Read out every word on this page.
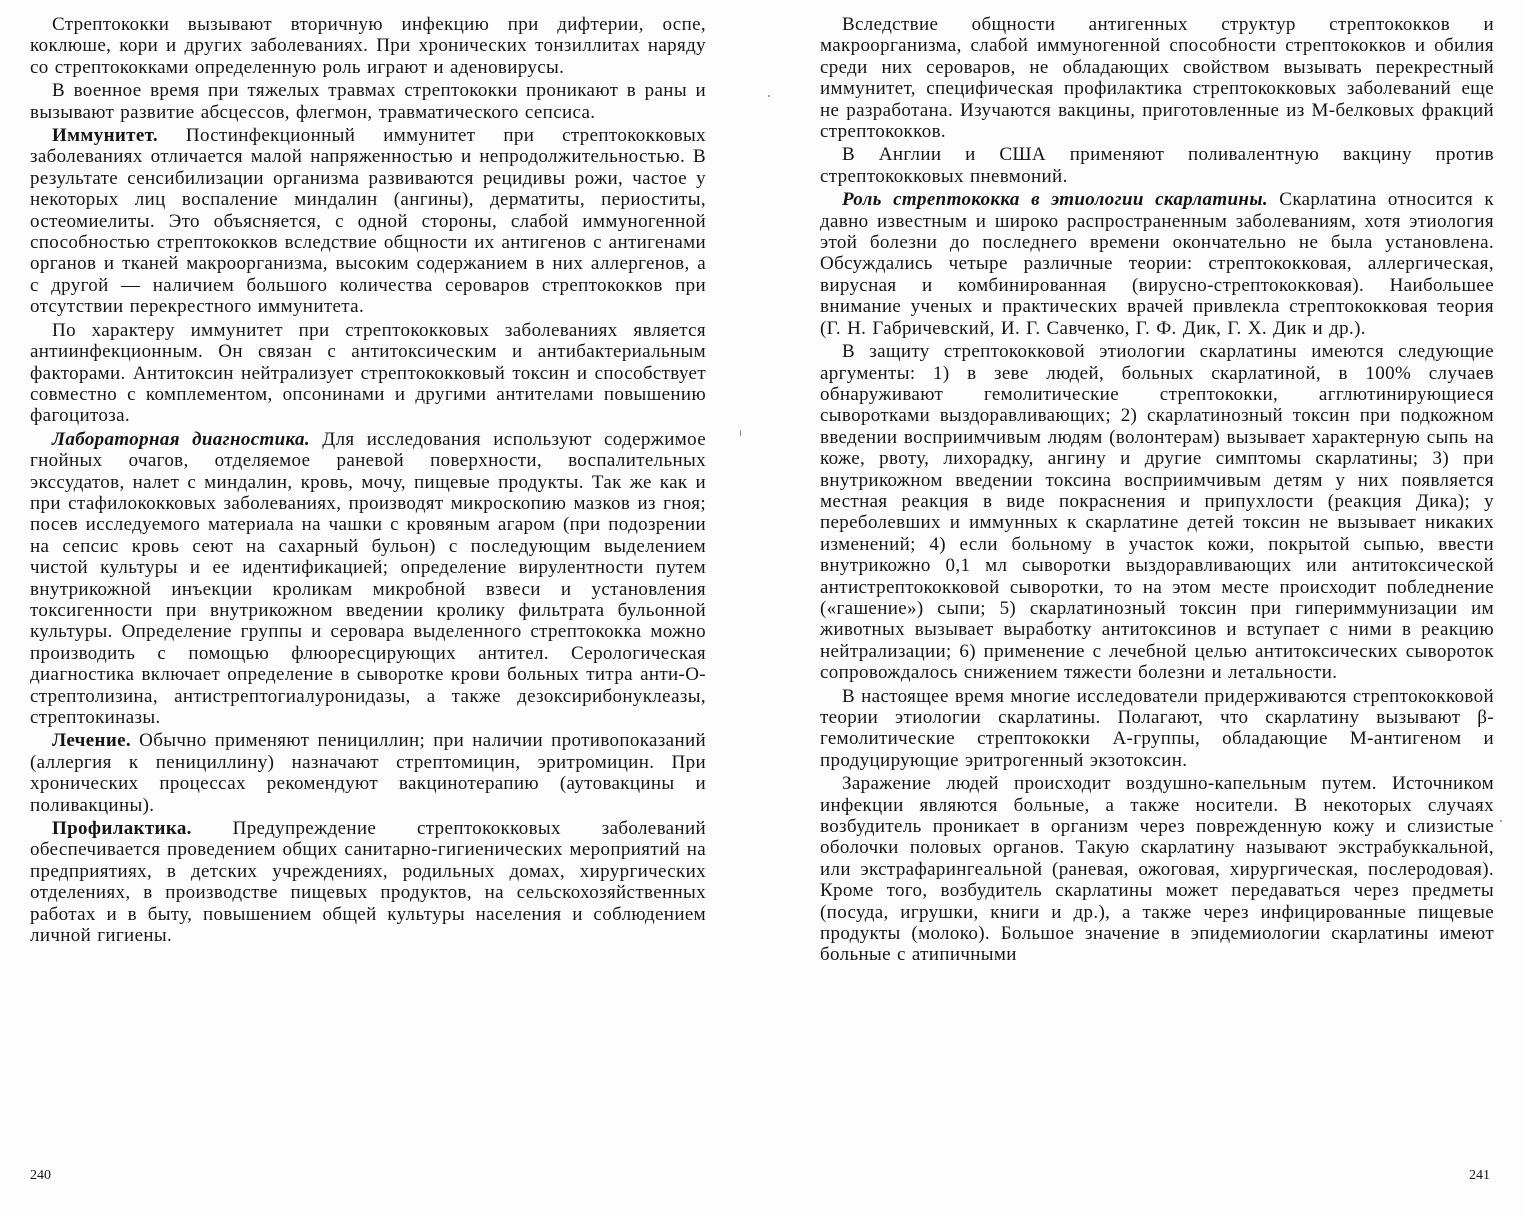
Стрептококки вызывают вторичную инфекцию при дифтерии, оспе, коклюше, кори и других заболеваниях. При хронических тонзиллитах наряду со стрептококками определенную роль играют и аденовирусы.

В военное время при тяжелых травмах стрептококки проникают в раны и вызывают развитие абсцессов, флегмон, травматического сепсиса.

Иммунитет. Постинфекционный иммунитет при стрептококковых заболеваниях отличается малой напряженностью и непродолжительностью. В результате сенсибилизации организма развиваются рецидивы рожи, частое у некоторых лиц воспаление миндалин (ангины), дерматиты, периоститы, остеомиелиты. Это объясняется, с одной стороны, слабой иммуногенной способностью стрептококков вследствие общности их антигенов с антигенами органов и тканей макроорганизма, высоким содержанием в них аллергенов, а с другой — наличием большого количества сероваров стрептококков при отсутствии перекрестного иммунитета.

По характеру иммунитет при стрептококковых заболеваниях является антиинфекционным. Он связан с антитоксическим и антибактериальным факторами. Антитоксин нейтрализует стрептококковый токсин и способствует совместно с комплементом, опсонинами и другими антителами повышению фагоцитоза.

Лабораторная диагностика. Для исследования используют содержимое гнойных очагов, отделяемое раневой поверхности, воспалительных экссудатов, налет с миндалин, кровь, мочу, пищевые продукты. Так же как и при стафилококковых заболеваниях, производят микроскопию мазков из гноя; посев исследуемого материала на чашки с кровяным агаром (при подозрении на сепсис кровь сеют на сахарный бульон) с последующим выделением чистой культуры и ее идентификацией; определение вирулентности путем внутрикожной инъекции кроликам микробной взвеси и установления токсигенности при внутрикожном введении кролику фильтрата бульонной культуры. Определение группы и серовара выделенного стрептококка можно производить с помощью флюоресцирующих антител. Серологическая диагностика включает определение в сыворотке крови больных титра анти-О-стрептолизина, антистрептогиалуронидазы, а также дезоксирибонуклеазы, стрептокиназы.

Лечение. Обычно применяют пенициллин; при наличии противопоказаний (аллергия к пенициллину) назначают стрептомицин, эритромицин. При хронических процессах рекомендуют вакцинотерапию (аутовакцины и поливакцины).

Профилактика. Предупреждение стрептококковых заболеваний обеспечивается проведением общих санитарно-гигиенических мероприятий на предприятиях, в детских учреждениях, родильных домах, хирургических отделениях, в производстве пищевых продуктов, на сельскохозяйственных работах и в быту, повышением общей культуры населения и соблюдением личной гигиены.

Вследствие общности антигенных структур стрептококков и макроорганизма, слабой иммуногенной способности стрептококков и обилия среди них сероваров, не обладающих свойством вызывать перекрестный иммунитет, специфическая профилактика стрептококковых заболеваний еще не разработана. Изучаются вакцины, приготовленные из М-белковых фракций стрептококков.

В Англии и США применяют поливалентную вакцину против стрептококковых пневмоний.

Роль стрептококка в этиологии скарлатины. Скарлатина относится к давно известным и широко распространенным заболеваниям, хотя этиология этой болезни до последнего времени окончательно не была установлена. Обсуждались четыре различные теории: стрептококковая, аллергическая, вирусная и комбинированная (вирусно-стрептококковая). Наибольшее внимание ученых и практических врачей привлекла стрептококковая теория (Г. Н. Габричевский, И. Г. Савченко, Г. Ф. Дик, Г. Х. Дик и др.).

В защиту стрептококковой этиологии скарлатины имеются следующие аргументы: 1) в зеве людей, больных скарлатиной, в 100% случаев обнаруживают гемолитические стрептококки, агглютинирующиеся сыворотками выздоравливающих; 2) скарлатинозный токсин при подкожном введении восприимчивым людям (волонтерам) вызывает характерную сыпь на коже, рвоту, лихорадку, ангину и другие симптомы скарлатины; 3) при внутрикожном введении токсина восприимчивым детям у них появляется местная реакция в виде покраснения и припухлости (реакция Дика); у переболевших и иммунных к скарлатине детей токсин не вызывает никаких изменений; 4) если больному в участок кожи, покрытой сыпью, ввести внутрикожно 0,1 мл сыворотки выздоравливающих или антитоксической антистрептококковой сыворотки, то на этом месте происходит побледнение («гашение») сыпи; 5) скарлатинозный токсин при гипериммунизации им животных вызывает выработку антитоксинов и вступает с ними в реакцию нейтрализации; 6) применение с лечебной целью антитоксических сывороток сопровождалось снижением тяжести болезни и летальности.

В настоящее время многие исследователи придерживаются стрептококковой теории этиологии скарлатины. Полагают, что скарлатину вызывают β-гемолитические стрептококки А-группы, обладающие М-антигеном и продуцирующие эритрогенный экзотоксин.

Заражение людей происходит воздушно-капельным путем. Источником инфекции являются больные, а также носители. В некоторых случаях возбудитель проникает в организм через поврежденную кожу и слизистые оболочки половых органов. Такую скарлатину называют экстрабуккальной, или экстрафарингеальной (раневая, ожоговая, хирургическая, послеродовая). Кроме того, возбудитель скарлатины может передаваться через предметы (посуда, игрушки, книги и др.), а также через инфицированные пищевые продукты (молоко). Большое значение в эпидемиологии скарлатины имеют больные с атипичными

240	241
